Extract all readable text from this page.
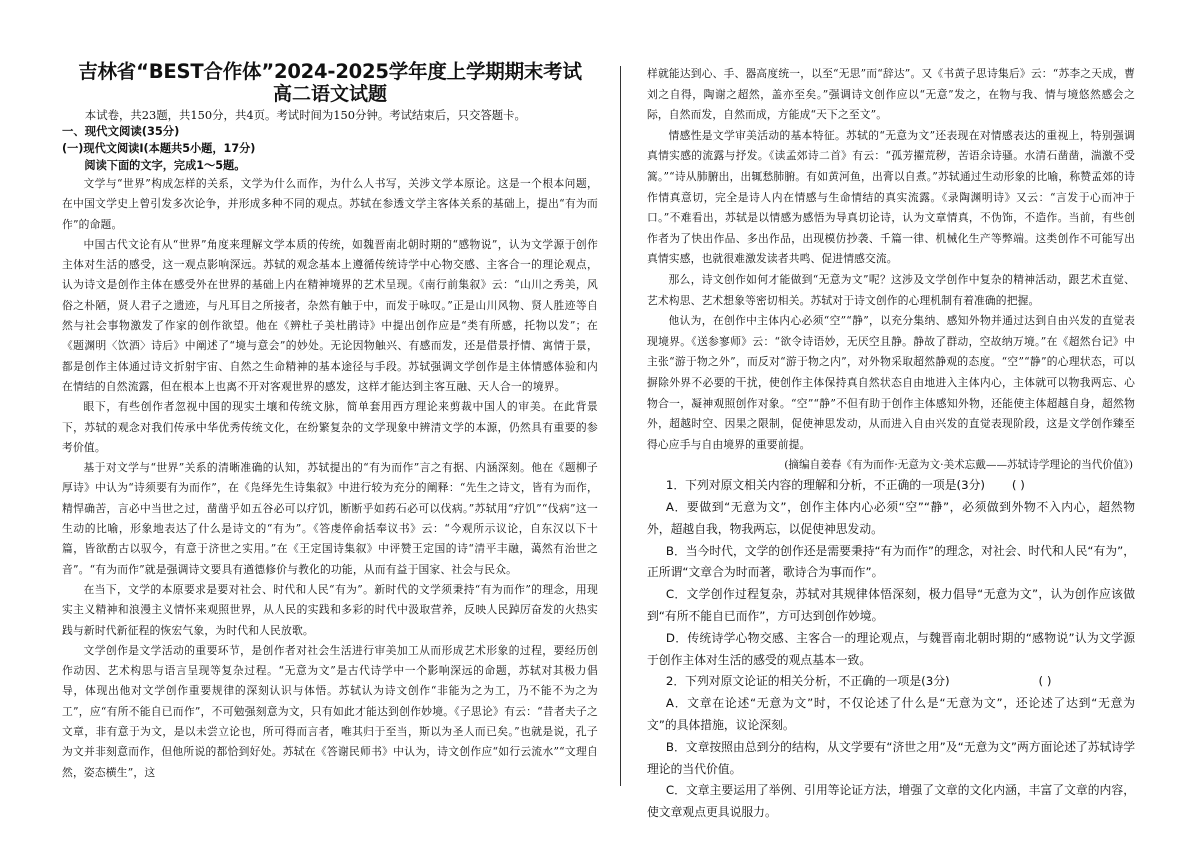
吉林省“BEST合作体”2024-2025学年度上学期期末考试
高二语文试题

本试卷，共23题，共150分，共4页。考试时间为150分钟。考试结束后，只交答题卡。

一、现代文阅读(35分)

(一)现代文阅读Ⅰ(本题共5小题，17分)

阅读下面的文字，完成1～5题。

文学与“世界”构成怎样的关系，文学为什么而作，为什么人书写，关涉文学本原论。这是一个根本问题，在中国文学史上曾引发多次论争，并形成多种不同的观点。苏轼在参透文学主客体关系的基础上，提出“有为而作”的命题。

中国古代文论有从“世界”角度来理解文学本质的传统，如魏晋南北朝时期的“感物说”，认为文学源于创作主体对生活的感受，这一观点影响深远。苏轼的观念基本上遵循传统诗学中心物交感、主客合一的理论观点，认为诗文是创作主体在感受外在世界的基础上内在精神境界的艺术呈现。《南行前集叙》云：“山川之秀美，风俗之朴陋，贤人君子之遗迹，与凡耳目之所接者，杂然有触于中，而发于咏叹。”正是山川风物、贤人胜迹等自然与社会事物激发了作家的创作欲望。他在《辨杜子美杜鹃诗》中提出创作应是“类有所感，托物以发”；在《题渊明〈饮酒〉诗后》中阐述了“境与意会”的妙处。无论因物触兴、有感而发，还是借景抒情、寓情于景，都是创作主体通过诗文折射宇宙、自然之生命精神的基本途径与手段。苏轼强调文学创作是主体情感体验和内在情结的自然流露，但在根本上也离不开对客观世界的感发，这样才能达到主客互融、天人合一的境界。

眼下，有些创作者忽视中国的现实土壤和传统文脉，简单套用西方理论来剪裁中国人的审美。在此背景下，苏轼的观念对我们传承中华优秀传统文化，在纷繁复杂的文学现象中辨清文学的本源，仍然具有重要的参考价值。

基于对文学与“世界”关系的清晰准确的认知，苏轼提出的“有为而作”言之有据、内涵深刻。他在《题柳子厚诗》中认为“诗须要有为而作”，在《凫绎先生诗集叙》中进行较为充分的阐释：“先生之诗文，皆有为而作，精悍确苦，言必中当世之过，凿凿乎如五谷必可以疗饥，断断乎如药石必可以伐病。”苏轼用“疗饥”“伐病”这一生动的比喻，形象地表达了什么是诗文的“有为”。《答虔倅俞括奉议书》云：“今观所示议论，自东汉以下十篇，皆欲酌古以驭今，有意于济世之实用。”在《王定国诗集叙》中评赞王定国的诗“清平丰融，蔼然有治世之音”。“有为而作”就是强调诗文要具有遒德修价与教化的功能，从而有益于国家、社会与民众。

在当下，文学的本原要求是要对社会、时代和人民“有为”。新时代的文学须秉持“有为而作”的理念，用现实主义精神和浪漫主义情怀来观照世界，从人民的实践和多彩的时代中汲取营养，反映人民踔厉奋发的火热实践与新时代新征程的恢宏气象，为时代和人民放歌。

文学创作是文学活动的重要环节，是创作者对社会生活进行审美加工从而形成艺术形象的过程，要经历创作动因、艺术构思与语言呈现等复杂过程。“无意为文”是古代诗学中一个影响深远的命题，苏轼对其极力倡导，体现出他对文学创作重要规律的深刻认识与体悟。苏轼认为诗文创作“非能为之为工，乃不能不为之为工”，应“有所不能自已而作”，不可勉强刻意为文，只有如此才能达到创作妙境。《子思论》有云：“昔者夫子之文章，非有意于为文，是以未尝立论也，所可得而言者，唯其归于至当，斯以为圣人而已矣。”也就是说，孔子为文并非刻意而作，但他所说的都恰到好处。苏轼在《答谢民师书》中认为，诗文创作应“如行云流水”“文理自然，姿态横生”，这

样就能达到心、手、器高度统一，以至“无思”而“辞达”。又《书黄子思诗集后》云：“苏李之天成，曹刘之自得，陶谢之超然，盖亦至矣。”强调诗文创作应以“无意”发之，在物与我、情与境悠然感会之际，自然而发，自然而成，方能成“天下之至文”。

情感性是文学审美活动的基本特征。苏轼的“无意为文”还表现在对情感表达的重视上，特别强调真情实感的流露与抒发。《读孟郊诗二首》有云：“孤芳擢荒秽，苦语余诗骚。水清石凿凿，湍激不受篙。”“诗从肺腑出，出辄愁肺腑。有如黄河鱼，出膏以自煮。”苏轼通过生动形象的比喻，称赞孟郊的诗作情真意切，完全是诗人内在情感与生命情结的真实流露。《录陶渊明诗》又云：“言发于心而冲于口。”不难看出，苏轼是以情感为感悟为导真切论诗，认为文章情真，不伪饰，不造作。当前，有些创作者为了快出作品、多出作品，出现模仿抄袭、千篇一律、机械化生产等弊端。这类创作不可能写出真情实感，也就很难激发读者共鸣、促进情感交流。

那么，诗文创作如何才能做到“无意为文”呢？这涉及文学创作中复杂的精神活动，跟艺术直觉、艺术构思、艺术想象等密切相关。苏轼对于诗文创作的心理机制有着准确的把握。

他认为，在创作中主体内心必须“空”“静”，以充分集纳、感知外物并通过达到自由兴发的直觉表现境界。《送参寥师》云：“欲令诗语妙，无厌空且静。静故了群动，空故纳万境。”在《超然台记》中主张“游于物之外”，而反对“游于物之内”，对外物采取超然静观的态度。“空”“静”的心理状态，可以摒除外界不必要的干扰，使创作主体保持真自然状态自由地进入主体内心，主体就可以物我两忘、心物合一，凝神观照创作对象。“空”“静”不但有助于创作主体感知外物，还能使主体超越自身，超然物外，超越时空、因果之限制，促使神思发动，从而进入自由兴发的直觉表现阶段，这是文学创作臻至得心应手与自由境界的重要前提。

(摘编自姜春《有为而作·无意为文·美术忘戴——苏轼诗学理论的当代价值》)

1．下列对原文相关内容的理解和分析，不正确的一项是(3分) ( )

A．要做到“无意为文”，创作主体内心必须“空”“静”，必须做到外物不入内心，超然物外，超越自我，物我两忘，以促使神思发动。

B．当今时代，文学的创作还是需要秉持“有为而作”的理念，对社会、时代和人民“有为”，正所谓“文章合为时而著，歌诗合为事而作”。

C．文学创作过程复杂，苏轼对其规律体悟深刻，极力倡导“无意为文”，认为创作应该做到“有所不能自已而作”，方可达到创作妙境。

D．传统诗学心物交感、主客合一的理论观点，与魏晋南北朝时期的“感物说”认为文学源于创作主体对生活的感受的观点基本一致。

2．下列对原文论证的相关分析，不正确的一项是(3分)	( )

A．文章在论述“无意为文”时，不仅论述了什么是“无意为文”，还论述了达到“无意为文”的具体措施，议论深刻。

B．文章按照由总到分的结构，从文学要有“济世之用”及“无意为文”两方面论述了苏轼诗学理论的当代价值。

C．文章主要运用了举例、引用等论证方法，增强了文章的文化内涵，丰富了文章的内容，使文章观点更具说服力。
